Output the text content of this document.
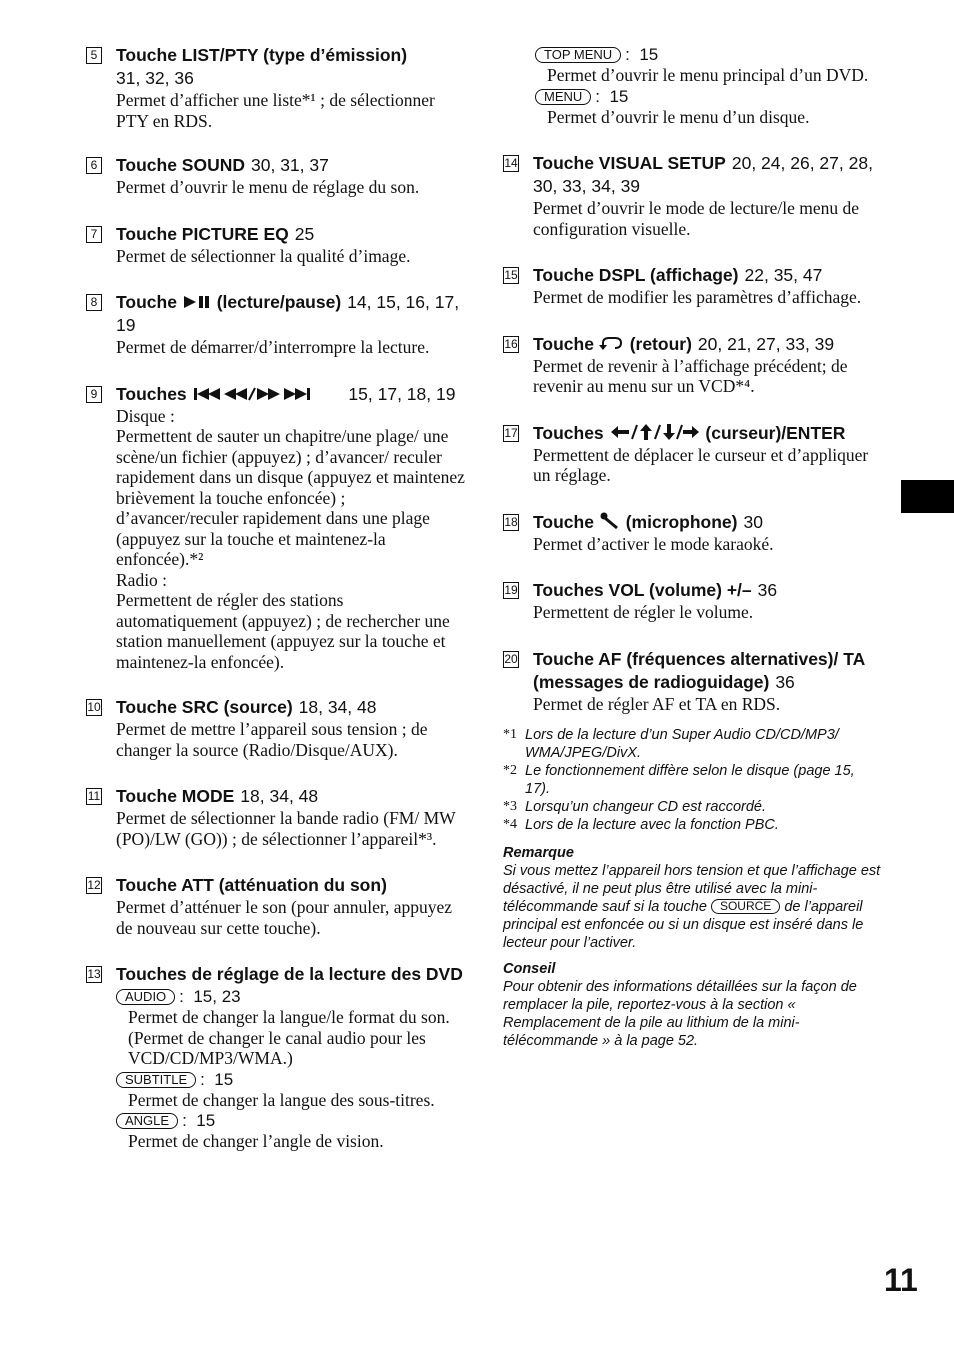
5 Touche LIST/PTY (type d’émission)
31, 32, 36
Permet d’afficher une liste*¹ ; de sélectionner PTY en RDS.
6 Touche SOUND 30, 31, 37
Permet d’ouvrir le menu de réglage du son.
7 Touche PICTURE EQ 25
Permet de sélectionner la qualité d’image.
8 Touche (lecture/pause) 14, 15, 16, 17, 19
Permet de démarrer/d’interrompre la lecture.
9 Touches	15, 17, 18, 19
Disque :
Permettent de sauter un chapitre/une plage/ une scène/un fichier (appuyez) ; d’avancer/ reculer rapidement dans un disque (appuyez et maintenez brièvement la touche enfoncée) ; d’avancer/reculer rapidement dans une plage (appuyez sur la touche et maintenez-la enfoncée).*²
Radio :
Permettent de régler des stations automatiquement (appuyez) ; de rechercher une station manuellement (appuyez sur la touche et maintenez-la enfoncée).
10 Touche SRC (source) 18, 34, 48
Permet de mettre l’appareil sous tension ; de changer la source (Radio/Disque/AUX).
11 Touche MODE 18, 34, 48
Permet de sélectionner la bande radio (FM/ MW (PO)/LW (GO)) ; de sélectionner l’appareil*³.
12 Touche ATT (atténuation du son)
Permet d’atténuer le son (pour annuler, appuyez de nouveau sur cette touche).
13 Touches de réglage de la lecture des DVD
AUDIO :  15, 23
Permet de changer la langue/le format du son.
(Permet de changer le canal audio pour les VCD/CD/MP3/WMA.)
SUBTITLE :  15
Permet de changer la langue des sous-titres.
ANGLE :  15
Permet de changer l’angle de vision.
TOP MENU :  15
Permet d’ouvrir le menu principal d’un DVD.
MENU :  15
Permet d’ouvrir le menu d’un disque.
14 Touche VISUAL SETUP 20, 24, 26, 27, 28, 30, 33, 34, 39
Permet d’ouvrir le mode de lecture/le menu de configuration visuelle.
15 Touche DSPL (affichage) 22, 35, 47
Permet de modifier les paramètres d’affichage.
16 Touche (retour) 20, 21, 27, 33, 39
Permet de revenir à l’affichage précédent; de revenir au menu sur un VCD*⁴.
17 Touches	(curseur)/ENTER
Permettent de déplacer le curseur et d’appliquer un réglage.
18 Touche (microphone) 30
Permet d’activer le mode karaoké.
19 Touches VOL (volume) +/– 36
Permettent de régler le volume.
20 Touche AF (fréquences alternatives)/ TA (messages de radioguidage) 36
Permet de régler AF et TA en RDS.
*1 Lors de la lecture d’un Super Audio CD/CD/MP3/ WMA/JPEG/DivX.
*2 Le fonctionnement diffère selon le disque (page 15, 17).
*3 Lorsqu’un changeur CD est raccordé.
*4 Lors de la lecture avec la fonction PBC.
Remarque
Si vous mettez l’appareil hors tension et que l’affichage est désactivé, il ne peut plus être utilisé avec la mini-télécommande sauf si la touche SOURCE de l’appareil principal est enfoncée ou si un disque est inséré dans le lecteur pour l’activer.
Conseil
Pour obtenir des informations détaillées sur la façon de remplacer la pile, reportez-vous à la section « Remplacement de la pile au lithium de la mini-télécommande » à la page 52.
11
